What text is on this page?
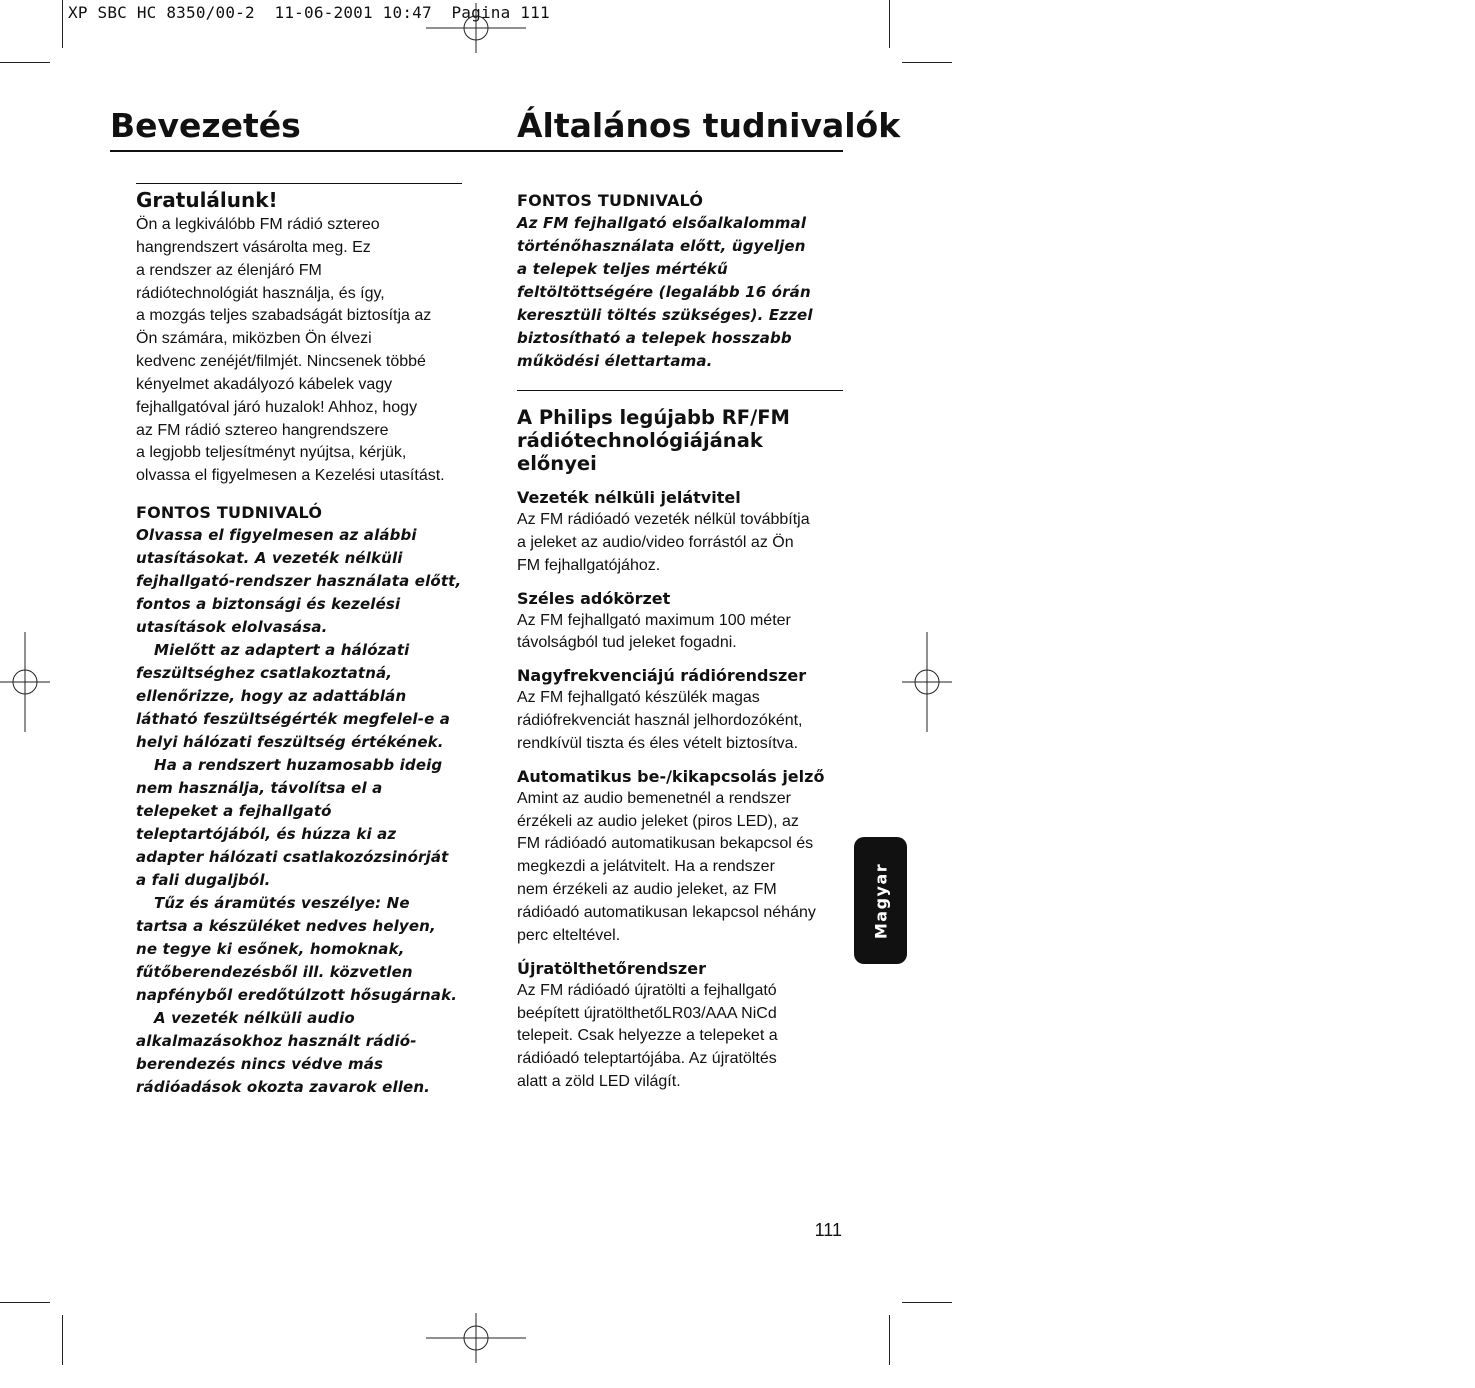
XP SBC HC 8350/00-2  11-06-2001 10:47  Pagina 111
Bevezetés	Általános tudnivalók
Gratulálunk!
Ön a legkiválóbb FM rádió sztereo
hangrendszert vásárolta meg. Ez
a rendszer az élenjáró FM
rádiótechnológiát használja, és így,
a mozgás teljes szabadságát biztosítja az
Ön számára, miközben Ön élvezi
kedvenc zenéjét/filmjét. Nincsenek többé
kényelmet akadályozó kábelek vagy
fejhallgatóval járó huzalok! Ahhoz, hogy
az FM rádió sztereo hangrendszere
a legjobb teljesítményt nyújtsa, kérjük,
olvassa el figyelmesen a Kezelési utasítást.
FONTOS TUDNIVALÓ
Olvassa el figyelmesen az alábbi
utasításokat. A vezeték nélküli
fejhallgató-rendszer használata előtt,
fontos a biztonsági és kezelési
utasítások elolvasása.
Mielőtt az adaptert a hálózati
feszültséghez csatlakoztatná,
ellenőrizze, hogy az adattáblán
látható feszültségérték megfelel-e a
helyi hálózati feszültség értékének.
Ha a rendszert huzamosabb ideig
nem használja, távolítsa el a
telepeket a fejhallgató
teleptartójából, és húzza ki az
adapter hálózati csatlakozózsinórját
a fali dugaljból.
Tűz és áramütés veszélye: Ne
tartsa a készüléket nedves helyen,
ne tegye ki esőnek, homoknak,
fűtőberendezésből ill. közvetlen
napfényből eredőtúlzott hősugárnak.
A vezeték nélküli audio
alkalmazásokhoz használt rádió-
berendezés nincs védve más
rádióadások okozta zavarok ellen.
FONTOS TUDNIVALÓ
Az FM fejhallgató elsőalkalommal
történőhasználata előtt, ügyeljen
a telepek teljes mértékű
feltöltöttségére (legalább 16 órán
keresztüli töltés szükséges). Ezzel
biztosítható a telepek hosszabb
működési élettartama.
A Philips legújabb RF/FM
rádiótechnológiájának előnyei
Vezeték nélküli jelátvitel
Az FM rádióadó vezeték nélkül továbbítja
a jeleket az audio/video forrástól az Ön
FM fejhallgatójához.
Széles adókörzet
Az FM fejhallgató maximum 100 méter
távolságból tud jeleket fogadni.
Nagyfrekvenciájú rádiórendszer
Az FM fejhallgató készülék magas
rádiófrekvenciát használ jelhordozóként,
rendkívül tiszta és éles vételt biztosítva.
Automatikus be-/kikapcsolás jelző
Amint az audio bemenetnél a rendszer
érzékeli az audio jeleket (piros LED), az
FM rádióadó automatikusan bekapcsol és
megkezdi a jelátvitelt. Ha a rendszer
nem érzékeli az audio jeleket, az FM
rádióadó automatikusan lekapcsol néhány
perc elteltével.
Újratölthetőrendszer
Az FM rádióadó újratölti a fejhallgató
beépített újratölthetőLR03/AAA NiCd
telepeit. Csak helyezze a telepeket a
rádióadó teleptartójába. Az újratöltés
alatt a zöld LED világít.
Magyar
111
